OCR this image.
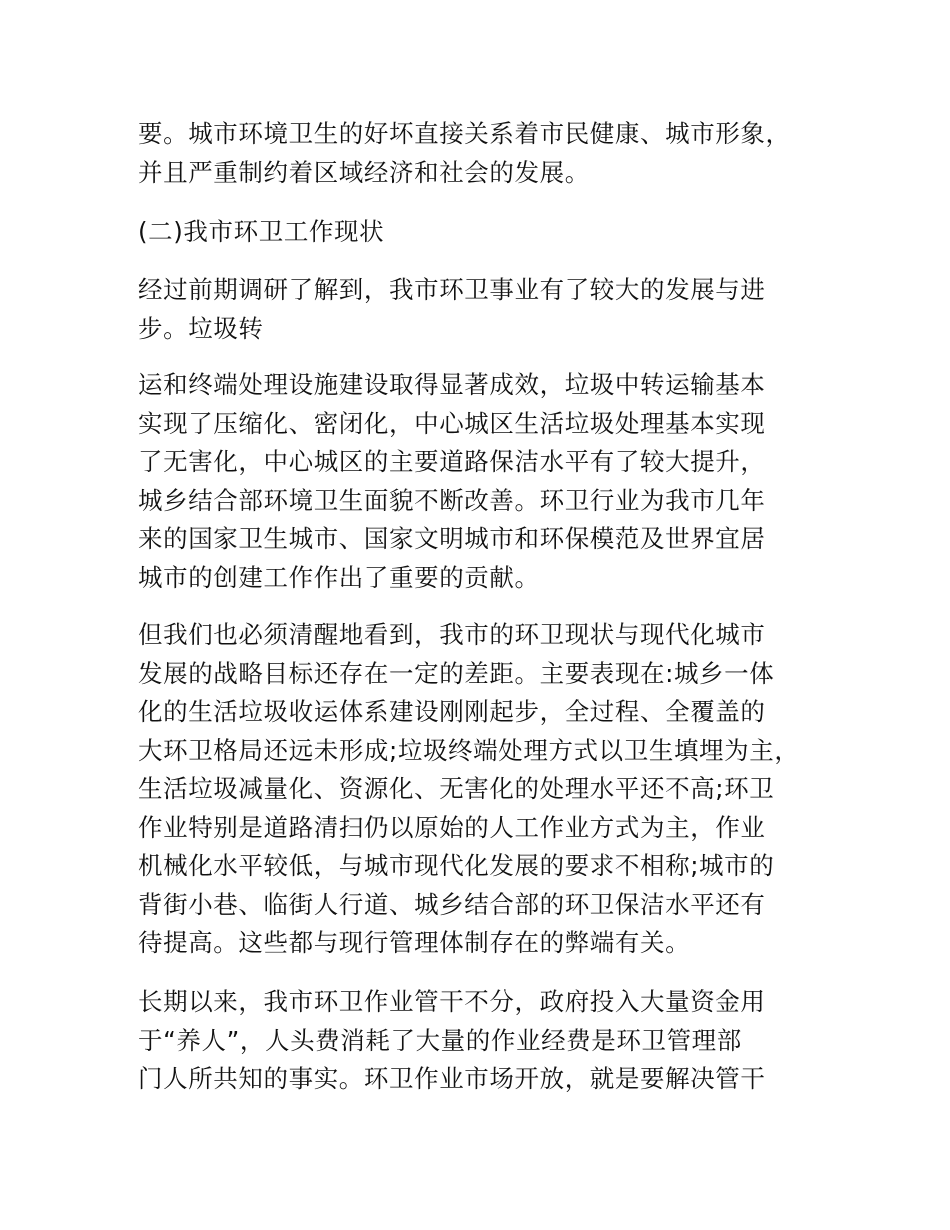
要。城市环境卫生的好坏直接关系着市民健康、城市形象，
并且严重制约着区域经济和社会的发展。
(二)我市环卫工作现状
经过前期调研了解到，我市环卫事业有了较大的发展与进
步。垃圾转
运和终端处理设施建设取得显著成效，垃圾中转运输基本
实现了压缩化、密闭化，中心城区生活垃圾处理基本实现
了无害化，中心城区的主要道路保洁水平有了较大提升，
城乡结合部环境卫生面貌不断改善。环卫行业为我市几年
来的国家卫生城市、国家文明城市和环保模范及世界宜居
城市的创建工作作出了重要的贡献。
但我们也必须清醒地看到，我市的环卫现状与现代化城市
发展的战略目标还存在一定的差距。主要表现在:城乡一体
化的生活垃圾收运体系建设刚刚起步，全过程、全覆盖的
大环卫格局还远未形成;垃圾终端处理方式以卫生填埋为主，
生活垃圾减量化、资源化、无害化的处理水平还不高;环卫
作业特别是道路清扫仍以原始的人工作业方式为主，作业
机械化水平较低，与城市现代化发展的要求不相称;城市的
背街小巷、临街人行道、城乡结合部的环卫保洁水平还有
待提高。这些都与现行管理体制存在的弊端有关。
长期以来，我市环卫作业管干不分，政府投入大量资金用
于“养人”，人头费消耗了大量的作业经费是环卫管理部
门人所共知的事实。环卫作业市场开放，就是要解决管干
